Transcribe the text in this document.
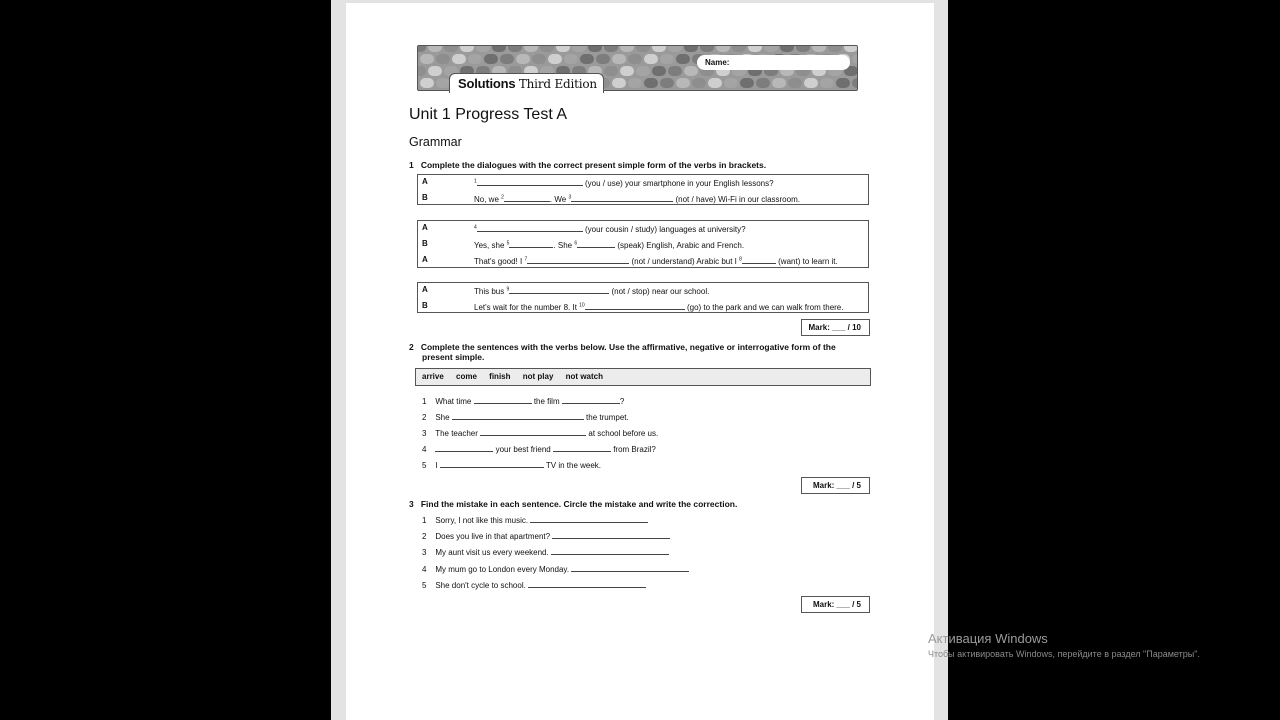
Solutions Third Edition
Name:
Unit 1 Progress Test A
Grammar
1 Complete the dialogues with the correct present simple form of the verbs in brackets.
A	$^1$	(you / use) your smartphone in your English lessons?
B	No, we $^2$	. We $^3$	(not / have) Wi-Fi in our classroom.
A	$^4$	(your cousin / study) languages at university?
B	Yes, she $^5$	. She $^6$	(speak) English, Arabic and French.
A	That's good! I $^7$	(not / understand) Arabic but I $^8$	(want) to learn it.
A	This bus $^9$	(not / stop) near our school.
B	Let's wait for the number 8. It $^{10}$	(go) to the park and we can walk from there.
Mark: ___ / 10
2 Complete the sentences with the verbs below. Use the affirmative, negative or interrogative form of the
present simple.
arrive come finish not play not watch
1 What time	the film	?
2 She	the trumpet.
3 The teacher	at school before us.
4	your best friend	from Brazil?
5 I	TV in the week.
Mark: ___ / 5
3 Find the mistake in each sentence. Circle the mistake and write the correction.
1 Sorry, I not like this music.
2 Does you live in that apartment?
3 My aunt visit us every weekend.
4 My mum go to London every Monday.
5 She don't cycle to school.
Mark: ___ / 5
Активация Windows
Чтобы активировать Windows, перейдите в раздел "Параметры".
